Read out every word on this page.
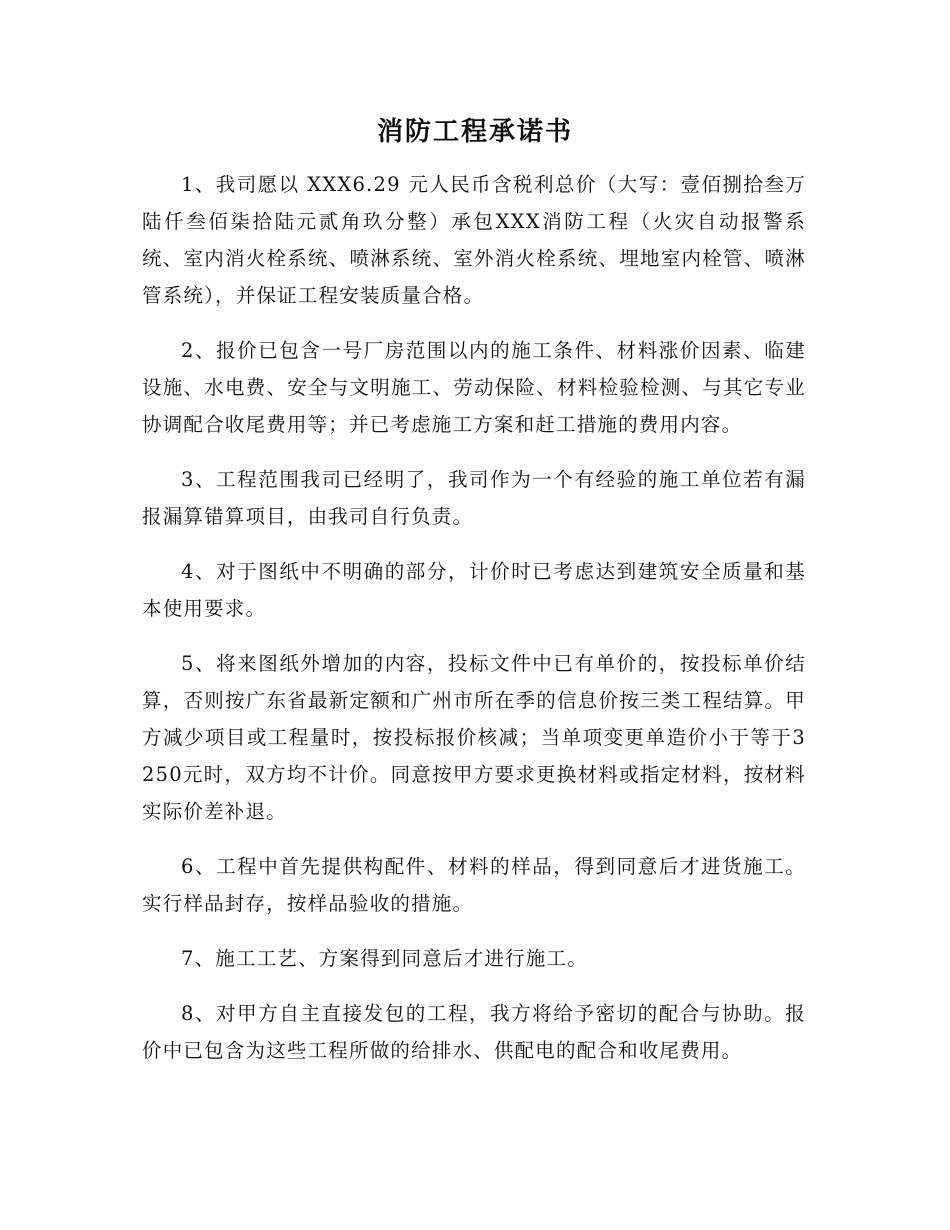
消防工程承诺书

1、我司愿以 XXX6.29 元人民币含税利总价（大写：壹佰捌拾叁万陆仟叁佰柒拾陆元贰角玖分整）承包XXX消防工程（火灾自动报警系统、室内消火栓系统、喷淋系统、室外消火栓系统、埋地室内栓管、喷淋管系统），并保证工程安装质量合格。

2、报价已包含一号厂房范围以内的施工条件、材料涨价因素、临建设施、水电费、安全与文明施工、劳动保险、材料检验检测、与其它专业协调配合收尾费用等；并已考虑施工方案和赶工措施的费用内容。

3、工程范围我司已经明了，我司作为一个有经验的施工单位若有漏报漏算错算项目，由我司自行负责。

4、对于图纸中不明确的部分，计价时已考虑达到建筑安全质量和基本使用要求。

5、将来图纸外增加的内容，投标文件中已有单价的，按投标单价结算，否则按广东省最新定额和广州市所在季的信息价按三类工程结算。甲方减少项目或工程量时，按投标报价核减；当单项变更单造价小于等于3250元时，双方均不计价。同意按甲方要求更换材料或指定材料，按材料实际价差补退。

6、工程中首先提供构配件、材料的样品，得到同意后才进货施工。实行样品封存，按样品验收的措施。

7、施工工艺、方案得到同意后才进行施工。

8、对甲方自主直接发包的工程，我方将给予密切的配合与协助。报价中已包含为这些工程所做的给排水、供配电的配合和收尾费用。
